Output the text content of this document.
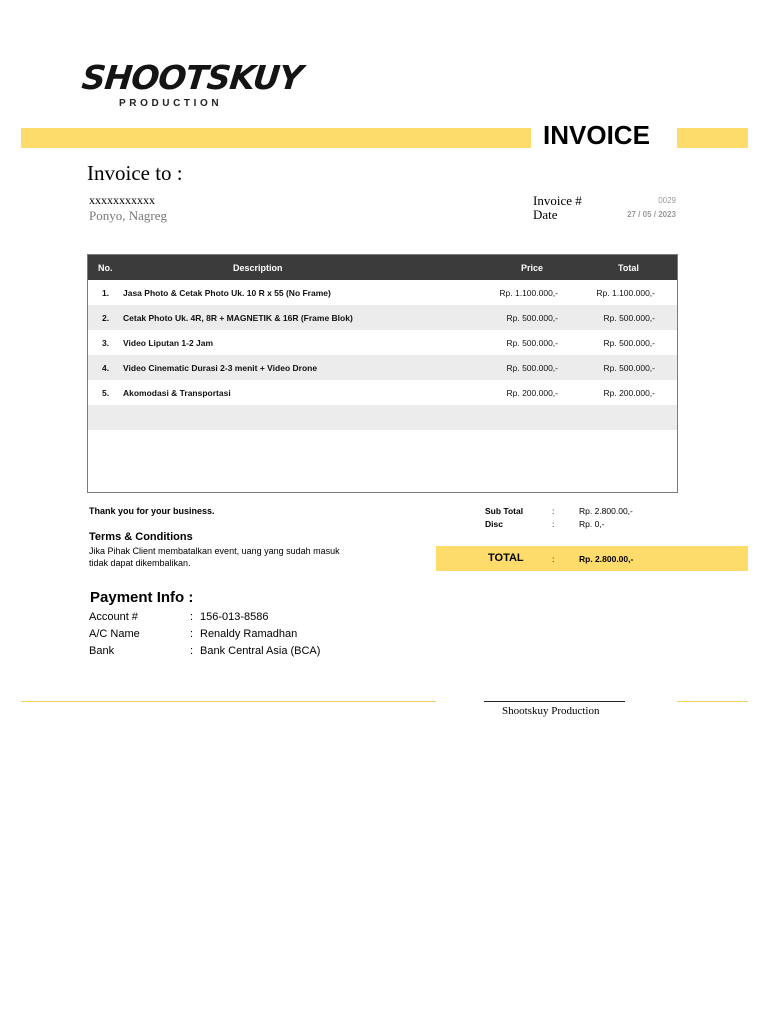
SHOOTSKUY
PRODUCTION
INVOICE
Invoice to :
xxxxxxxxxxx
Ponyo, Nagreg
Invoice #	0029
Date	27 / 05 / 2023
No.	Description	Price	Total
1. Jasa Photo & Cetak Photo Uk. 10 R x 55 (No Frame)	Rp. 1.100.000,-	Rp. 1.100.000,-
2. Cetak Photo Uk. 4R, 8R + MAGNETIK & 16R (Frame Blok)	Rp. 500.000,-	Rp. 500.000,-
3. Video Liputan 1-2 Jam	Rp. 500.000,-	Rp. 500.000,-
4. Video Cinematic Durasi 2-3 menit + Video Drone	Rp. 500.000,-	Rp. 500.000,-
5. Akomodasi & Transportasi	Rp. 200.000,-	Rp. 200.000,-
Thank you for your business.
Terms & Conditions
Jika Pihak Client membatalkan event, uang yang sudah masuk
tidak dapat dikembalikan.
Sub Total	:	Rp. 2.800.00,-
Disc	:	Rp. 0,-
TOTAL	:	Rp. 2.800.00,-
Payment Info :
Account #	: 156-013-8586
A/C Name	: Renaldy Ramadhan
Bank	: Bank Central Asia (BCA)
Shootskuy Production
